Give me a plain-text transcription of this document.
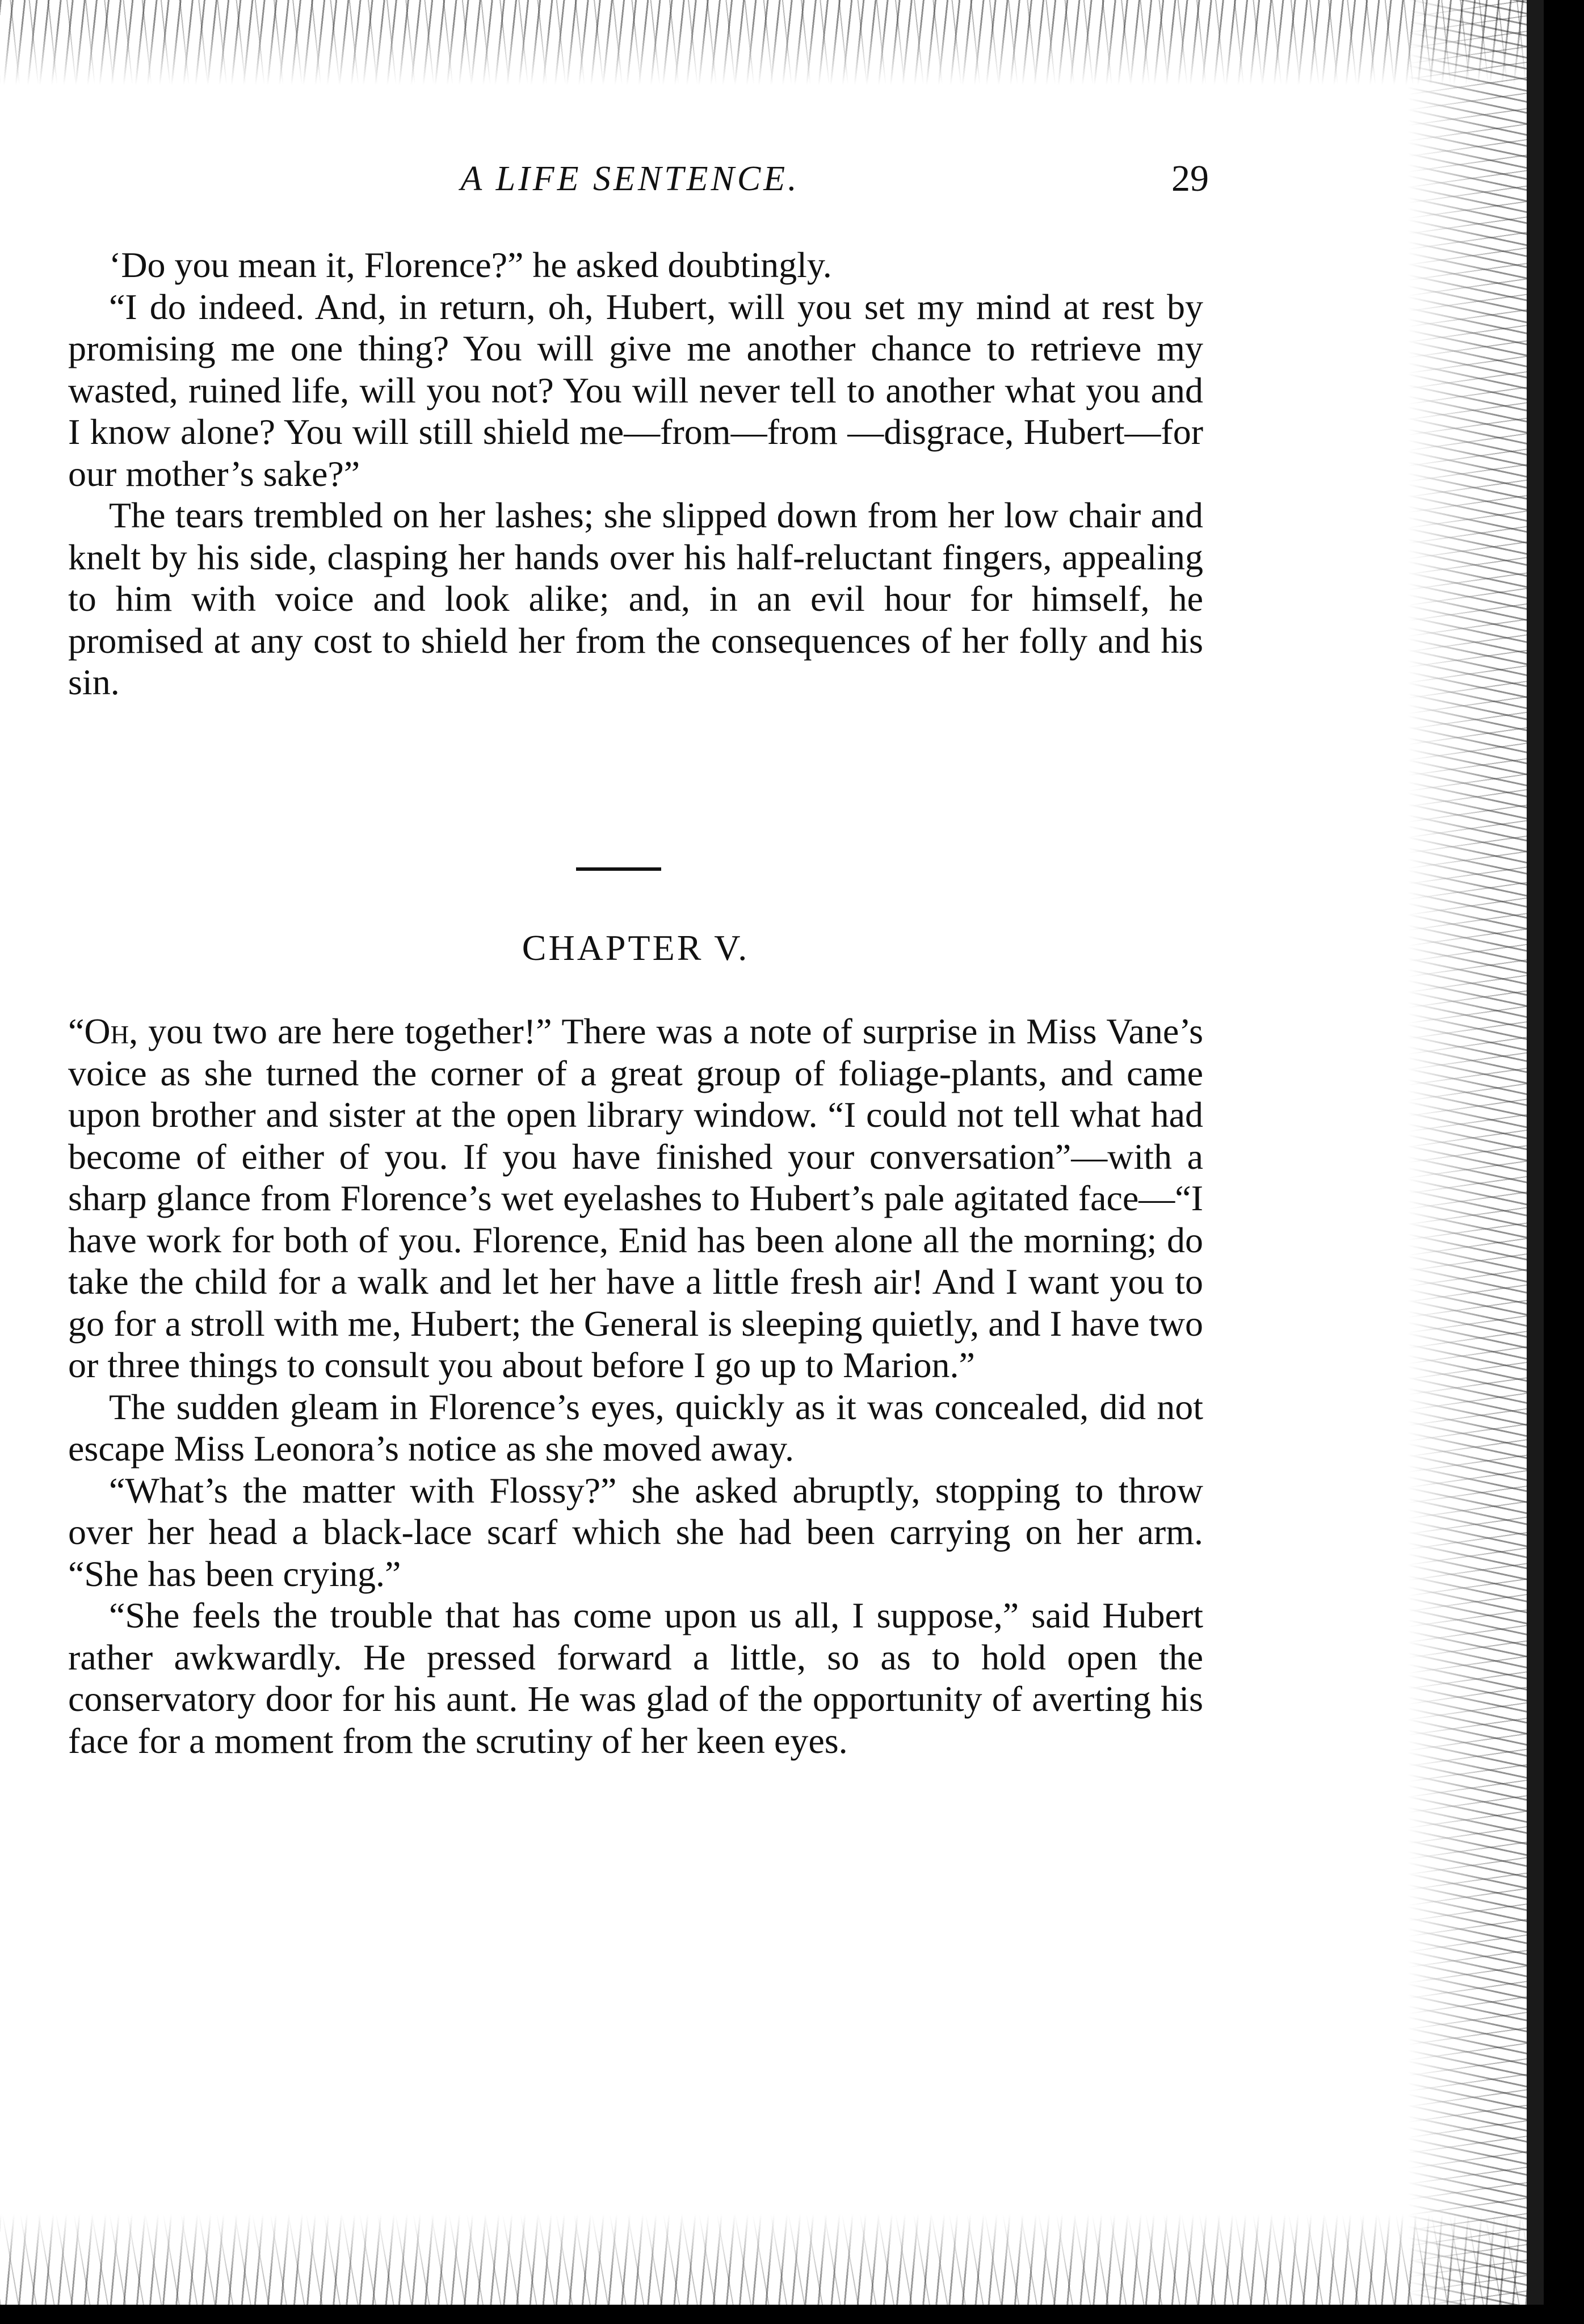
A LIFE SENTENCE.	29

‘Do you mean it, Florence?” he asked doubtingly.

“I do indeed. And, in return, oh, Hubert, will you set my mind at rest by promising me one thing? You will give me another chance to retrieve my wasted, ruined life, will you not? You will never tell to another what you and I know alone? You will still shield me—from—from —disgrace, Hubert—for our mother’s sake?”

The tears trembled on her lashes; she slipped down from her low chair and knelt by his side, clasping her hands over his half-reluctant fingers, appealing to him with voice and look alike; and, in an evil hour for himself, he promised at any cost to shield her from the consequences of her folly and his sin.

CHAPTER V.

“Oh, you two are here together!” There was a note of surprise in Miss Vane’s voice as she turned the corner of a great group of foliage-plants, and came upon brother and sister at the open library window. “I could not tell what had become of either of you. If you have finished your conversation”—with a sharp glance from Florence’s wet eyelashes to Hubert’s pale agitated face—“I have work for both of you. Florence, Enid has been alone all the morning; do take the child for a walk and let her have a little fresh air! And I want you to go for a stroll with me, Hubert; the General is sleeping quietly, and I have two or three things to consult you about before I go up to Marion.”

The sudden gleam in Florence’s eyes, quickly as it was concealed, did not escape Miss Leonora’s notice as she moved away.

“What’s the matter with Flossy?” she asked abruptly, stopping to throw over her head a black-lace scarf which she had been carrying on her arm. “She has been crying.”

“She feels the trouble that has come upon us all, I suppose,” said Hubert rather awkwardly. He pressed forward a little, so as to hold open the conservatory door for his aunt. He was glad of the opportunity of averting his face for a moment from the scrutiny of her keen eyes.
